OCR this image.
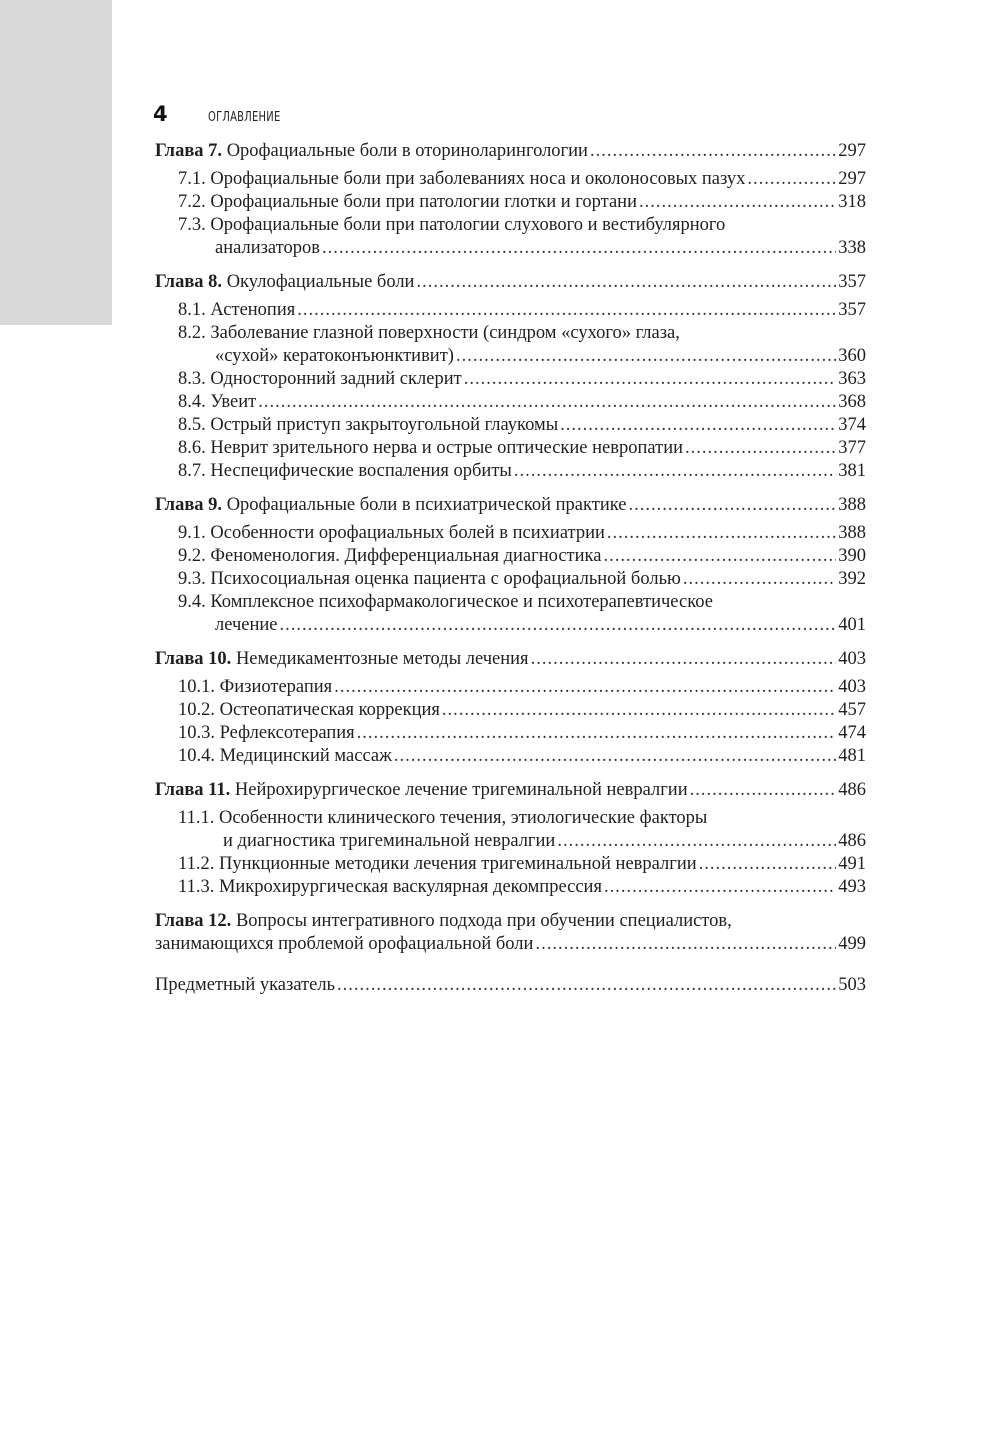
4	ОГЛАВЛЕНИЕ
Глава 7. Орофациальные боли в оториноларингологии .....	297
7.1. Орофациальные боли при заболеваниях носа и околоносовых пазух .....	297
7.2. Орофациальные боли при патологии глотки и гортани .....	318
7.3. Орофациальные боли при патологии слухового и вестибулярного
анализаторов .....	338
Глава 8. Окулофациальные боли .....	357
8.1. Астенопия .....	357
8.2. Заболевание глазной поверхности (синдром «сухого» глаза,
«сухой» кератоконъюнктивит) .....	360
8.3. Односторонний задний склерит .....	363
8.4. Увеит .....	368
8.5. Острый приступ закрытоугольной глаукомы .....	374
8.6. Неврит зрительного нерва и острые оптические невропатии .....	377
8.7. Неспецифические воспаления орбиты .....	381
Глава 9. Орофациальные боли в психиатрической практике .....	388
9.1. Особенности орофациальных болей в психиатрии .....	388
9.2. Феноменология. Дифференциальная диагностика .....	390
9.3. Психосоциальная оценка пациента с орофациальной болью .....	392
9.4. Комплексное психофармакологическое и психотерапевтическое
лечение .....	401
Глава 10. Немедикаментозные методы лечения .....	403
10.1. Физиотерапия .....	403
10.2. Остеопатическая коррекция .....	457
10.3. Рефлексотерапия .....	474
10.4. Медицинский массаж .....	481
Глава 11. Нейрохирургическое лечение тригеминальной невралгии .....	486
11.1. Особенности клинического течения, этиологические факторы
и диагностика тригеминальной невралгии .....	486
11.2. Пункционные методики лечения тригеминальной невралгии .....	491
11.3. Микрохирургическая васкулярная декомпрессия .....	493
Глава 12. Вопросы интегративного подхода при обучении специалистов,
занимающихся проблемой орофациальной боли .....	499
Предметный указатель .....	503
